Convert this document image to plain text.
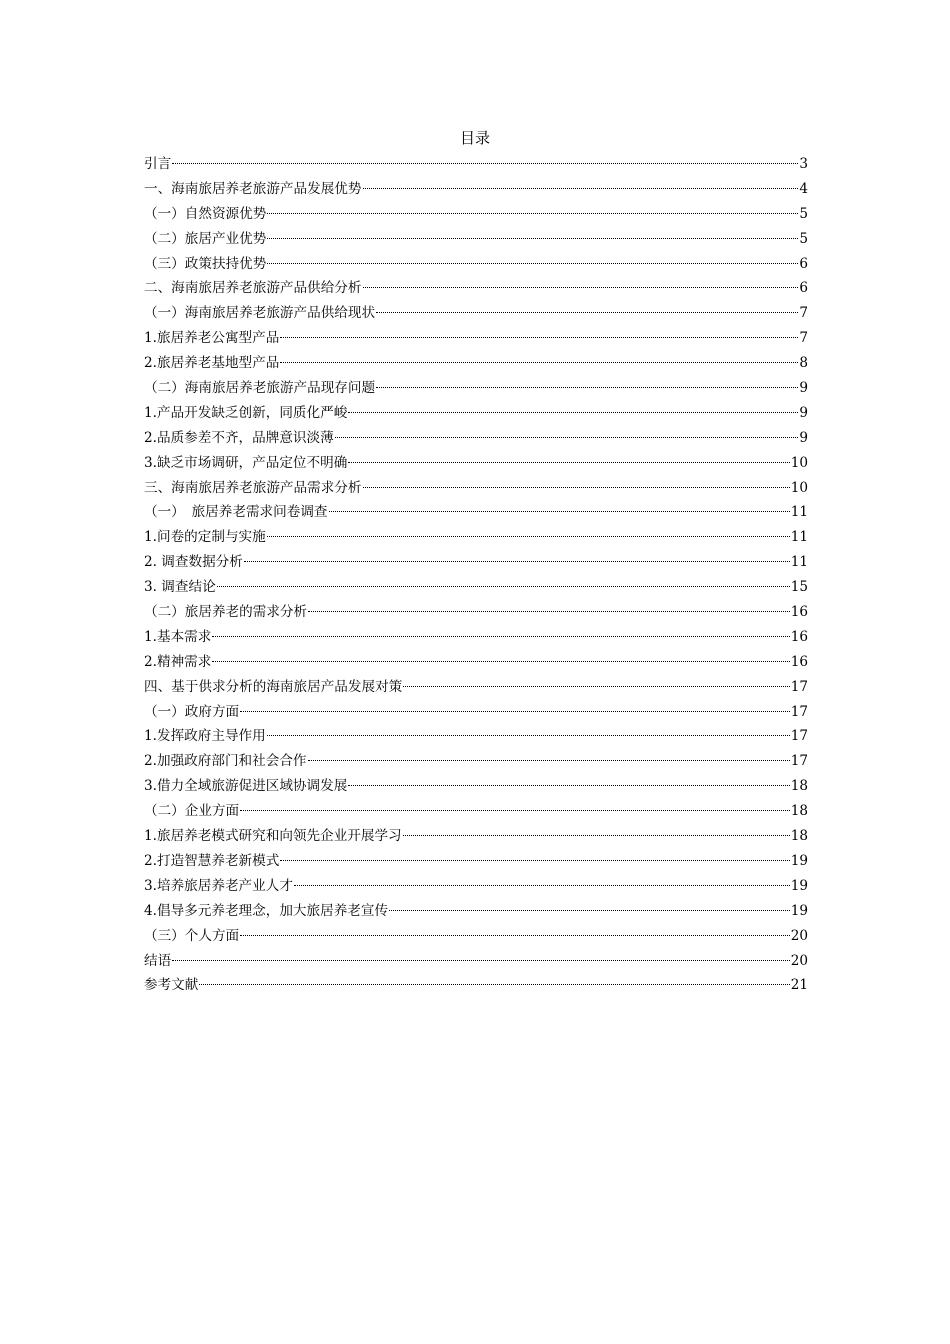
目录
引言	3
一、海南旅居养老旅游产品发展优势	4
（一）自然资源优势	5
（二）旅居产业优势	5
（三）政策扶持优势	6
二、海南旅居养老旅游产品供给分析	6
（一）海南旅居养老旅游产品供给现状	7
1.旅居养老公寓型产品	7
2.旅居养老基地型产品	8
（二）海南旅居养老旅游产品现存问题	9
1.产品开发缺乏创新，同质化严峻	9
2.品质参差不齐，品牌意识淡薄	9
3.缺乏市场调研，产品定位不明确	10
三、海南旅居养老旅游产品需求分析	10
（一）　旅居养老需求问卷调查	11
1.问卷的定制与实施	11
2. 调查数据分析	11
3. 调查结论	15
（二）旅居养老的需求分析	16
1.基本需求	16
2.精神需求	16
四、基于供求分析的海南旅居产品发展对策	17
（一）政府方面	17
1.发挥政府主导作用	17
2.加强政府部门和社会合作	17
3.借力全域旅游促进区域协调发展	18
（二）企业方面	18
1.旅居养老模式研究和向领先企业开展学习	18
2.打造智慧养老新模式	19
3.培养旅居养老产业人才	19
4.倡导多元养老理念，加大旅居养老宣传	19
（三）个人方面	20
结语	20
参考文献	21
